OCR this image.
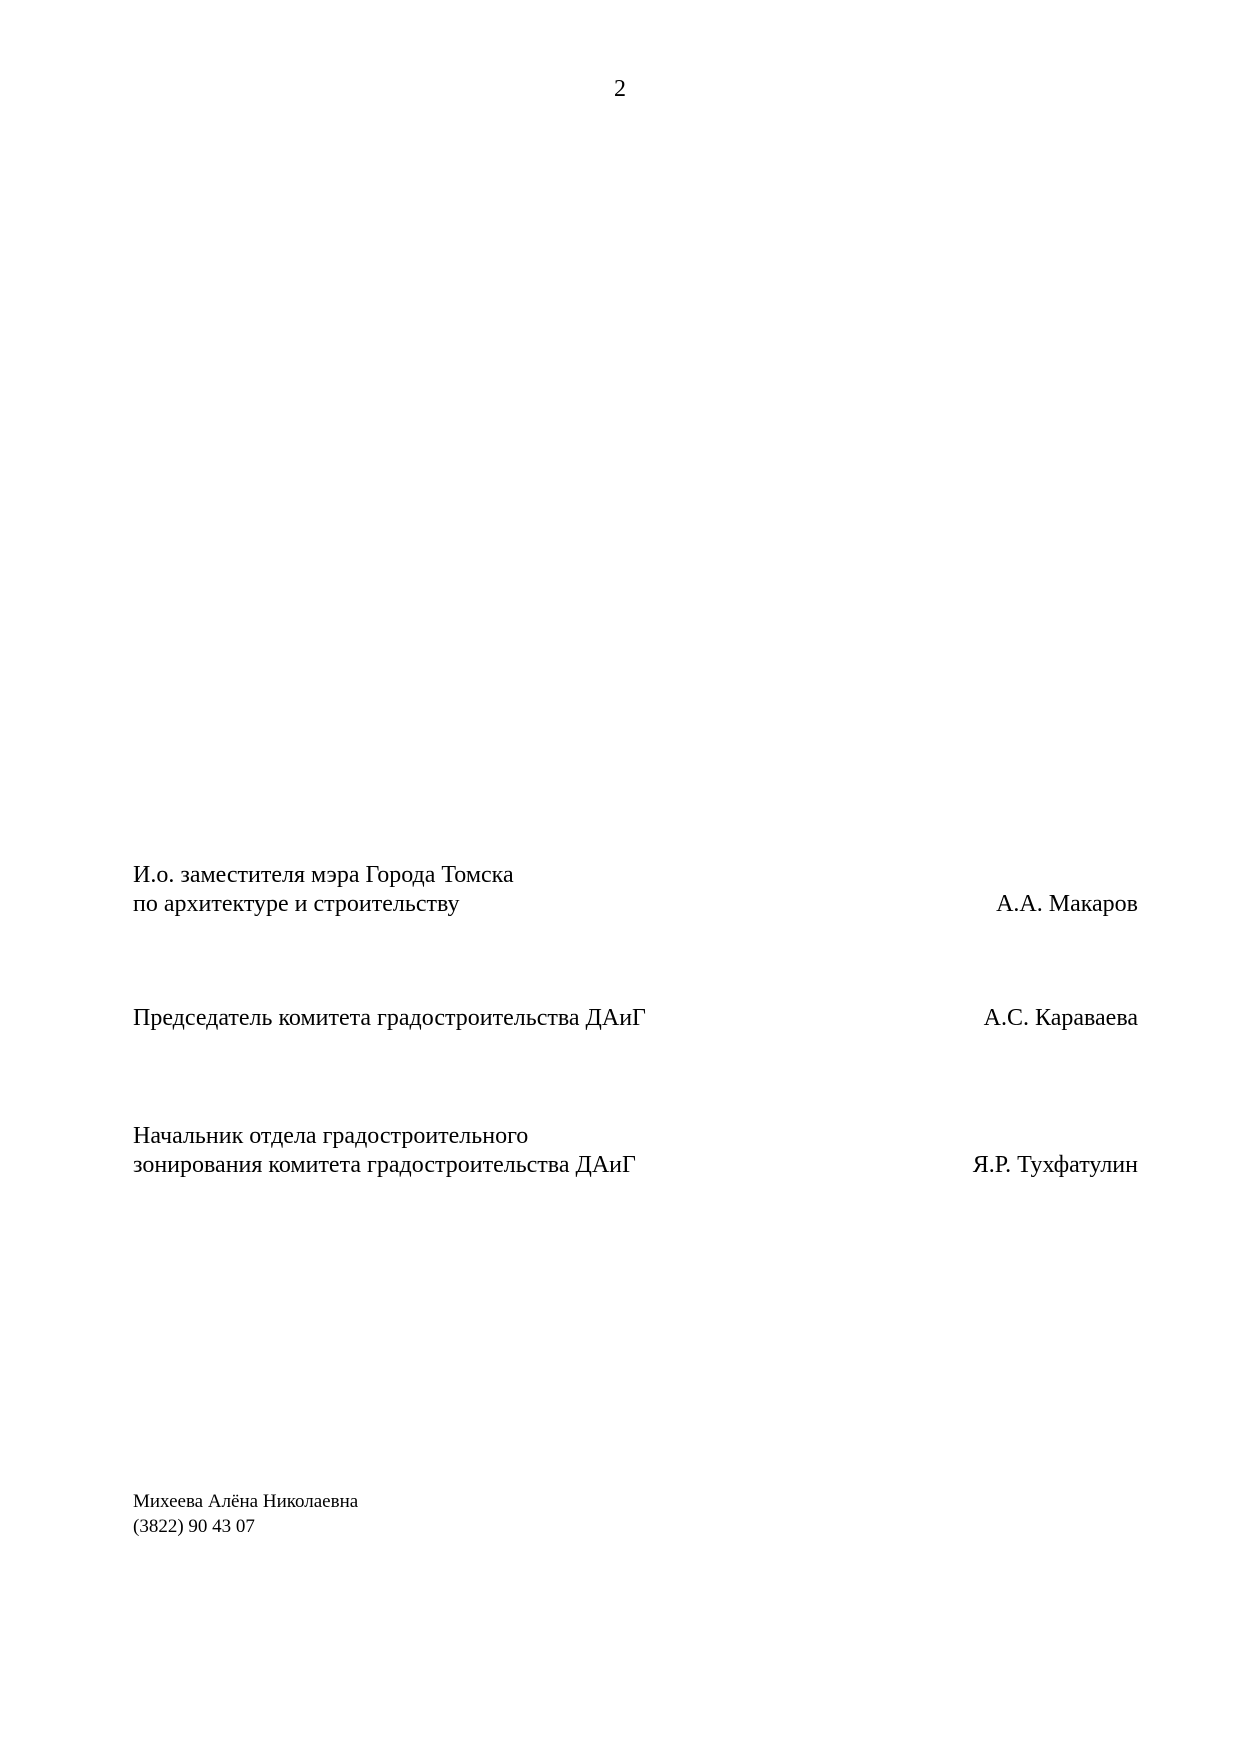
2
И.о. заместителя мэра Города Томска
по архитектуре и строительству	А.А. Макаров
Председатель комитета градостроительства ДАиГ	А.С. Караваева
Начальник отдела градостроительного
зонирования комитета градостроительства ДАиГ	Я.Р. Тухфатулин
Михеева Алёна Николаевна
(3822) 90 43 07
